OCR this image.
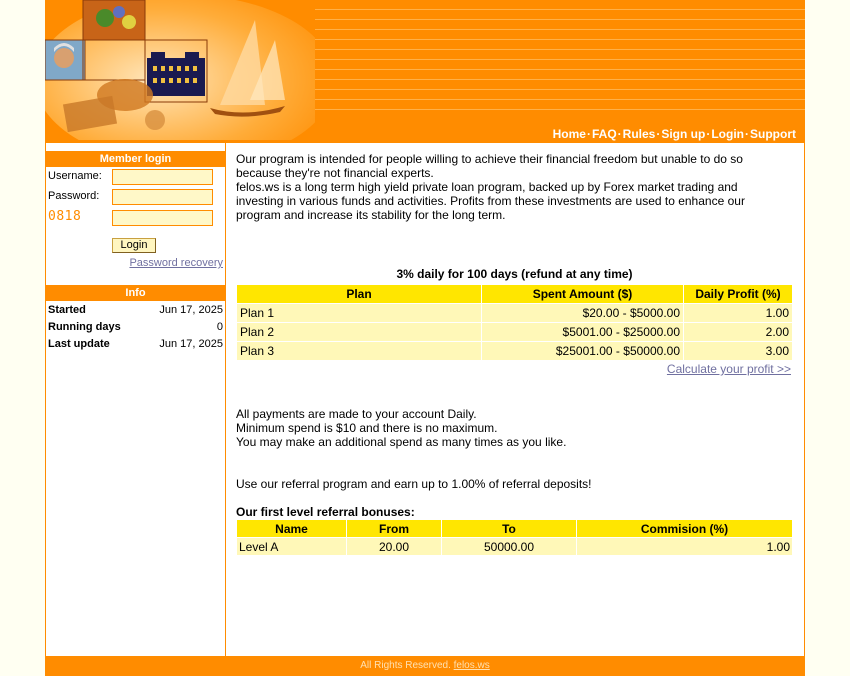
Home·FAQ·Rules·Sign up·Login·Support
Member login
Username:
Password:
0818
Login
Password recovery
Info
Started	Jun 17, 2025
Running days	0
Last update	Jun 17, 2025
Our program is intended for people willing to achieve their financial freedom but unable to do so because they're not financial experts.
felos.ws is a long term high yield private loan program, backed up by Forex market trading and investing in various funds and activities. Profits from these investments are used to enhance our program and increase its stability for the long term.
3% daily for 100 days (refund at any time)
Plan	Spent Amount ($)	Daily Profit (%)
Plan 1	$20.00 - $5000.00	1.00
Plan 2	$5001.00 - $25000.00	2.00
Plan 3	$25001.00 - $50000.00	3.00
Calculate your profit >>
All payments are made to your account Daily.
Minimum spend is $10 and there is no maximum.
You may make an additional spend as many times as you like.
Use our referral program and earn up to 1.00% of referral deposits!
Our first level referral bonuses:
Name	From	To	Commision (%)
Level A	20.00	50000.00	1.00
All Rights Reserved. felos.ws
